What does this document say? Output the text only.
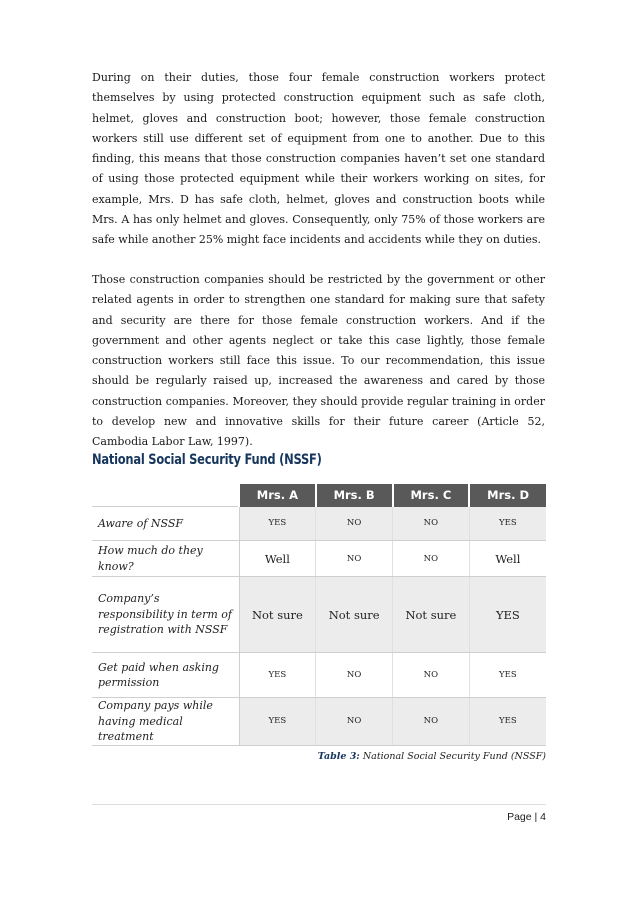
During on their duties, those four female construction workers protect themselves by using protected construction equipment such as safe cloth, helmet, gloves and construction boot; however, those female construction workers still use different set of equipment from one to another. Due to this finding, this means that those construction companies haven’t set one standard of using those protected equipment while their workers working on sites, for example, Mrs. D has safe cloth, helmet, gloves and construction boots while Mrs. A has only helmet and gloves. Consequently, only 75% of those workers are safe while another 25% might face incidents and accidents while they on duties.

Those construction companies should be restricted by the government or other related agents in order to strengthen one standard for making sure that safety and security are there for those female construction workers. And if the government and other agents neglect or take this case lightly, those female construction workers still face this issue. To our recommendation, this issue should be regularly raised up, increased the awareness and cared by those construction companies. Moreover, they should provide regular training in order to develop new and innovative skills for their future career (Article 52, Cambodia Labor Law, 1997).

National Social Security Fund (NSSF)
	Mrs. A	Mrs. B	Mrs. C	Mrs. D
Aware of NSSF	YES	NO	NO	YES
How much do they know?	Well	NO	NO	Well
Company’s responsibility in term of registration with NSSF	Not sure	Not sure	Not sure	YES
Get paid when asking permission	YES	NO	NO	YES
Company pays while having medical treatment	YES	NO	NO	YES
Table 3: National Social Security Fund (NSSF)
Page | 4
